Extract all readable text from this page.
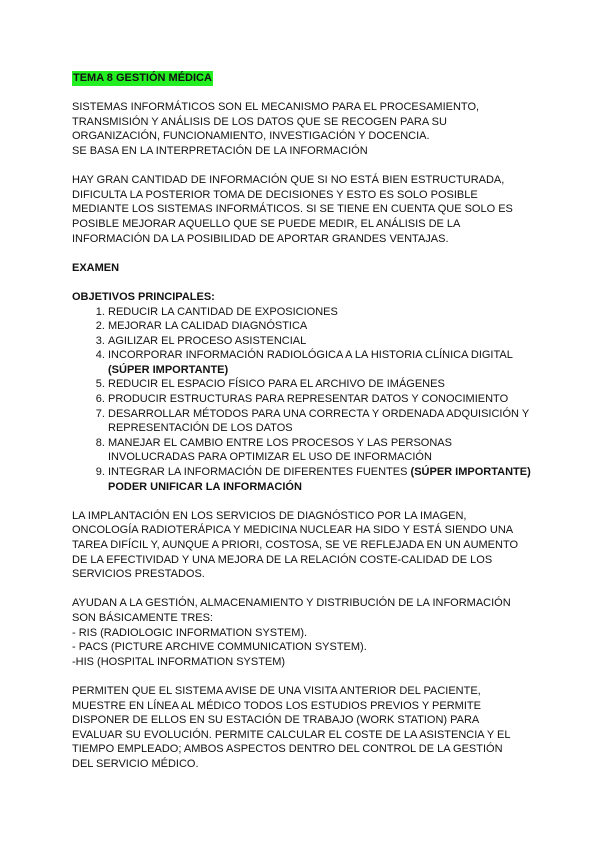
TEMA 8 GESTIÓN MÉDICA

SISTEMAS INFORMÁTICOS SON EL MECANISMO PARA EL PROCESAMIENTO,

TRANSMISIÓN Y ANÁLISIS DE LOS DATOS QUE SE RECOGEN PARA SU

ORGANIZACIÓN, FUNCIONAMIENTO, INVESTIGACIÓN Y DOCENCIA.

SE BASA EN LA INTERPRETACIÓN DE LA INFORMACIÓN

HAY GRAN CANTIDAD DE INFORMACIÓN QUE SI NO ESTÁ BIEN ESTRUCTURADA,

DIFICULTA LA POSTERIOR TOMA DE DECISIONES Y ESTO ES SOLO POSIBLE

MEDIANTE LOS SISTEMAS INFORMÁTICOS. SI SE TIENE EN CUENTA QUE SOLO ES

POSIBLE MEJORAR AQUELLO QUE SE PUEDE MEDIR, EL ANÁLISIS DE LA

INFORMACIÓN DA LA POSIBILIDAD DE APORTAR GRANDES VENTAJAS.

EXAMEN

OBJETIVOS PRINCIPALES:

1. REDUCIR LA CANTIDAD DE EXPOSICIONES
2. MEJORAR LA CALIDAD DIAGNÓSTICA
3. AGILIZAR EL PROCESO ASISTENCIAL
4. INCORPORAR INFORMACIÓN RADIOLÓGICA A LA HISTORIA CLÍNICA DIGITAL (SÚPER IMPORTANTE)
5. REDUCIR EL ESPACIO FÍSICO PARA EL ARCHIVO DE IMÁGENES
6. PRODUCIR ESTRUCTURAS PARA REPRESENTAR DATOS Y CONOCIMIENTO
7. DESARROLLAR MÉTODOS PARA UNA CORRECTA Y ORDENADA ADQUISICIÓN Y REPRESENTACIÓN DE LOS DATOS
8. MANEJAR EL CAMBIO ENTRE LOS PROCESOS Y LAS PERSONAS INVOLUCRADAS PARA OPTIMIZAR EL USO DE INFORMACIÓN
9. INTEGRAR LA INFORMACIÓN DE DIFERENTES FUENTES (SÚPER IMPORTANTE) PODER UNIFICAR LA INFORMACIÓN

LA IMPLANTACIÓN EN LOS SERVICIOS DE DIAGNÓSTICO POR LA IMAGEN,

ONCOLOGÍA RADIOTERÁPICA Y MEDICINA NUCLEAR HA SIDO Y ESTÁ SIENDO UNA

TAREA DIFÍCIL Y, AUNQUE A PRIORI, COSTOSA, SE VE REFLEJADA EN UN AUMENTO

DE LA EFECTIVIDAD Y UNA MEJORA DE LA RELACIÓN COSTE-CALIDAD DE LOS

SERVICIOS PRESTADOS.

AYUDAN A LA GESTIÓN, ALMACENAMIENTO Y DISTRIBUCIÓN DE LA INFORMACIÓN

SON BÁSICAMENTE TRES:

- RIS (RADIOLOGIC INFORMATION SYSTEM).

- PACS (PICTURE ARCHIVE COMMUNICATION SYSTEM).

-HIS (HOSPITAL INFORMATION SYSTEM)

PERMITEN QUE EL SISTEMA AVISE DE UNA VISITA ANTERIOR DEL PACIENTE,

MUESTRE EN LÍNEA AL MÉDICO TODOS LOS ESTUDIOS PREVIOS Y PERMITE

DISPONER DE ELLOS EN SU ESTACIÓN DE TRABAJO (WORK STATION) PARA

EVALUAR SU EVOLUCIÓN. PERMITE CALCULAR EL COSTE DE LA ASISTENCIA Y EL

TIEMPO EMPLEADO; AMBOS ASPECTOS DENTRO DEL CONTROL DE LA GESTIÓN

DEL SERVICIO MÉDICO.
